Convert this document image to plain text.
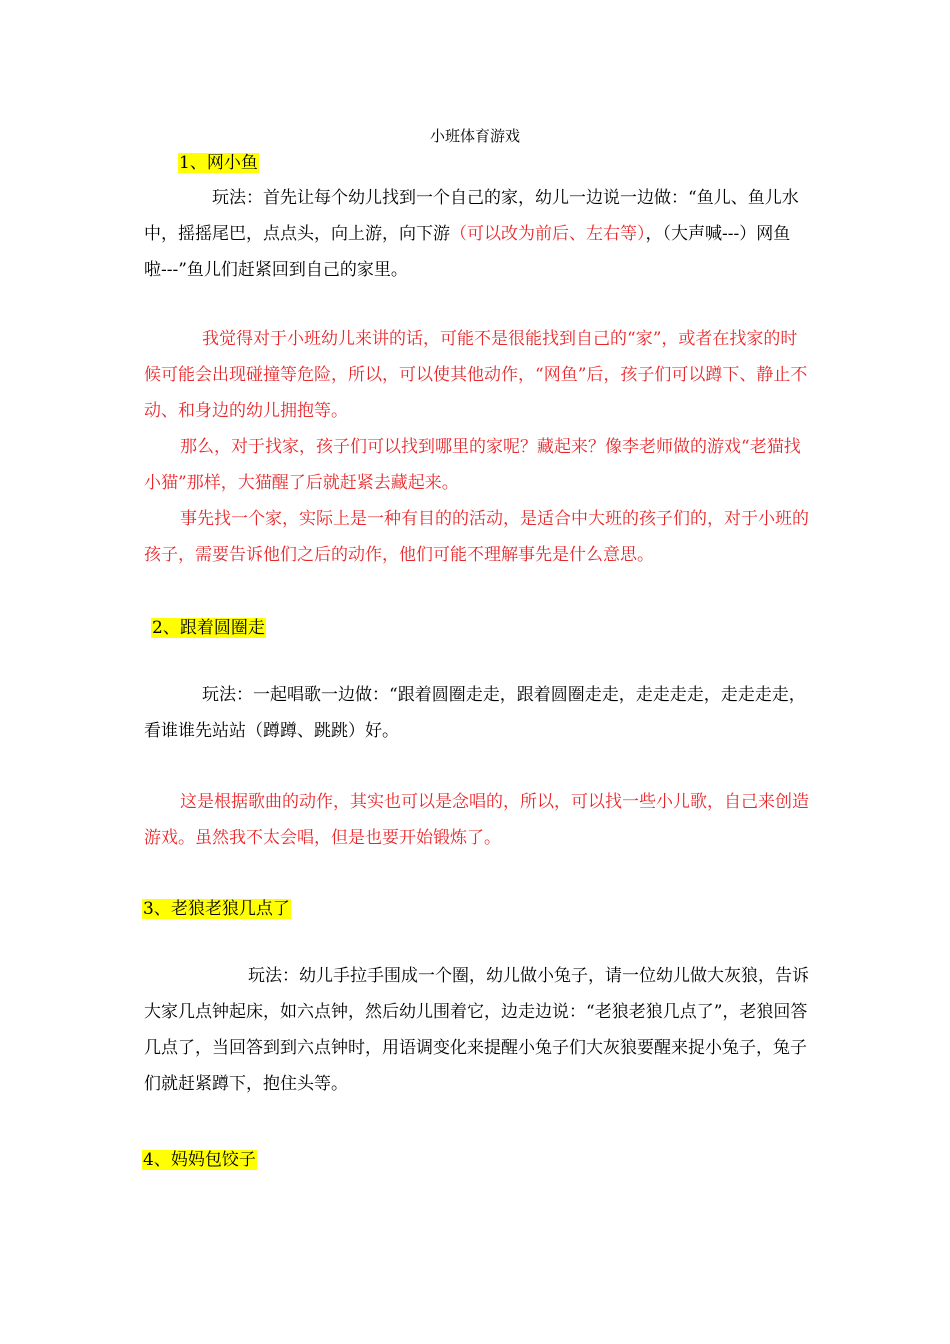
小班体育游戏
1、网小鱼

玩法：首先让每个幼儿找到一个自己的家，幼儿一边说一边做：“鱼儿、鱼儿水中，摇摇尾巴，点点头，向上游，向下游（可以改为前后、左右等），（大声喊---）网鱼啦---”鱼儿们赶紧回到自己的家里。

我觉得对于小班幼儿来讲的话，可能不是很能找到自己的“家”，或者在找家的时候可能会出现碰撞等危险，所以，可以使其他动作，“网鱼”后，孩子们可以蹲下、静止不动、和身边的幼儿拥抱等。

那么，对于找家，孩子们可以找到哪里的家呢？藏起来？像李老师做的游戏“老猫找小猫”那样，大猫醒了后就赶紧去藏起来。

事先找一个家，实际上是一种有目的的活动，是适合中大班的孩子们的，对于小班的孩子，需要告诉他们之后的动作，他们可能不理解事先是什么意思。

2、跟着圆圈走

玩法：一起唱歌一边做：“跟着圆圈走走，跟着圆圈走走，走走走走，走走走走，看谁谁先站站（蹲蹲、跳跳）好。

这是根据歌曲的动作，其实也可以是念唱的，所以，可以找一些小儿歌，自己来创造游戏。虽然我不太会唱，但是也要开始锻炼了。

3、老狼老狼几点了

玩法：幼儿手拉手围成一个圈，幼儿做小兔子，请一位幼儿做大灰狼，告诉大家几点钟起床，如六点钟，然后幼儿围着它，边走边说：“老狼老狼几点了”，老狼回答几点了，当回答到到六点钟时，用语调变化来提醒小兔子们大灰狼要醒来捉小兔子，兔子们就赶紧蹲下，抱住头等。

4、妈妈包饺子
